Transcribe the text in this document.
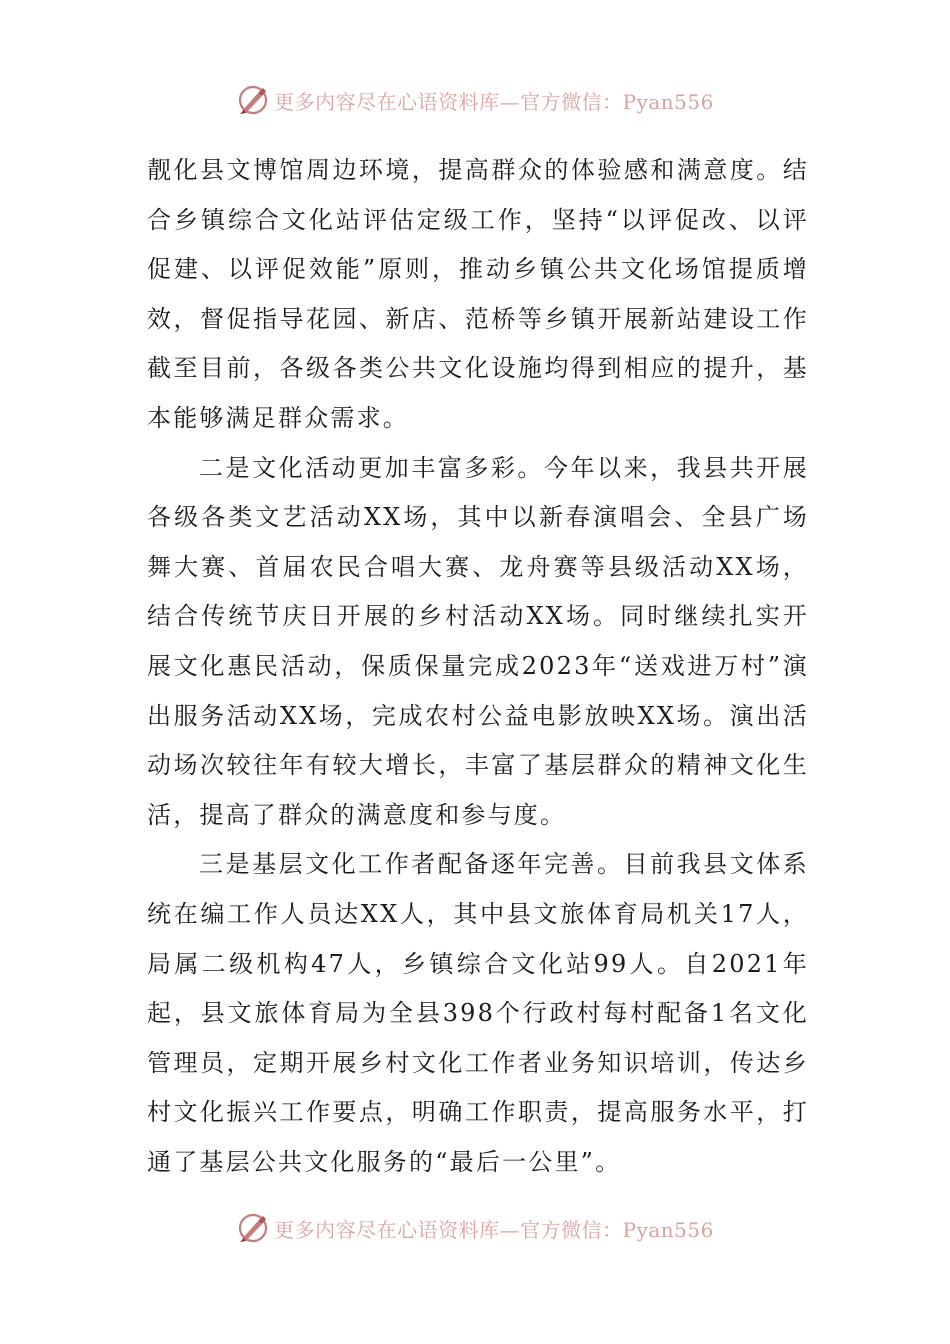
更多内容尽在心语资料库—官方微信：Pyan556

靓化县文博馆周边环境，提高群众的体验感和满意度。结合乡镇综合文化站评估定级工作，坚持“以评促改、以评促建、以评促效能”原则，推动乡镇公共文化场馆提质增效，督促指导花园、新店、范桥等乡镇开展新站建设工作截至目前，各级各类公共文化设施均得到相应的提升，基本能够满足群众需求。

二是文化活动更加丰富多彩。今年以来，我县共开展各级各类文艺活动XX场，其中以新春演唱会、全县广场舞大赛、首届农民合唱大赛、龙舟赛等县级活动XX场，结合传统节庆日开展的乡村活动XX场。同时继续扎实开展文化惠民活动，保质保量完成2023年“送戏进万村”演出服务活动XX场，完成农村公益电影放映XX场。演出活动场次较往年有较大增长，丰富了基层群众的精神文化生活，提高了群众的满意度和参与度。

三是基层文化工作者配备逐年完善。目前我县文体系统在编工作人员达XX人，其中县文旅体育局机关17人，局属二级机构47人，乡镇综合文化站99人。自2021年起，县文旅体育局为全县398个行政村每村配备1名文化管理员，定期开展乡村文化工作者业务知识培训，传达乡村文化振兴工作要点，明确工作职责，提高服务水平，打通了基层公共文化服务的“最后一公里”。

更多内容尽在心语资料库—官方微信：Pyan556
